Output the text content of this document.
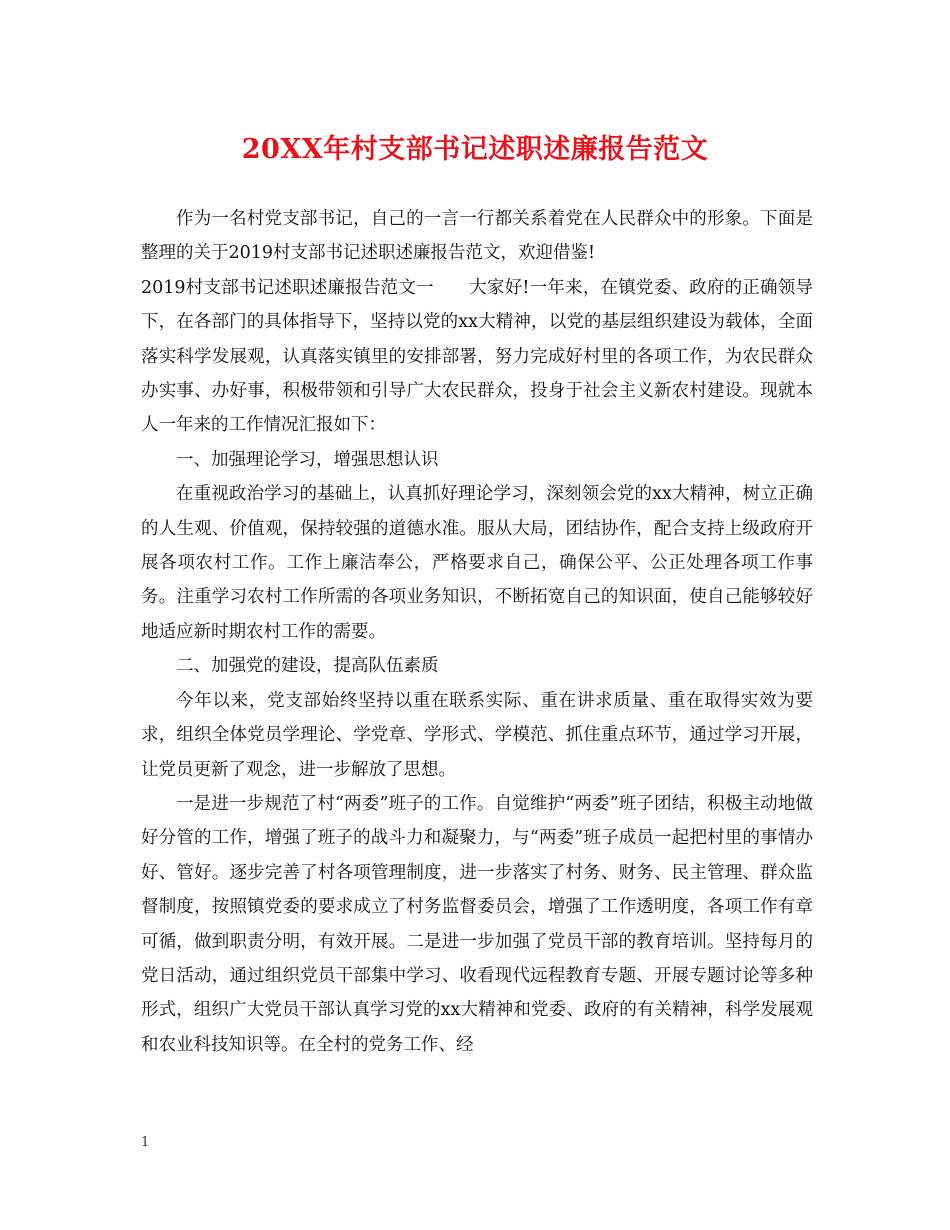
20XX年村支部书记述职述廉报告范文

作为一名村党支部书记，自己的一言一行都关系着党在人民群众中的形象。下面是整理的关于2019村支部书记述职述廉报告范文，欢迎借鉴!

2019村支部书记述职述廉报告范文一　　大家好!一年来，在镇党委、政府的正确领导下，在各部门的具体指导下，坚持以党的xx大精神，以党的基层组织建设为载体，全面落实科学发展观，认真落实镇里的安排部署，努力完成好村里的各项工作，为农民群众办实事、办好事，积极带领和引导广大农民群众，投身于社会主义新农村建设。现就本人一年来的工作情况汇报如下：

一、加强理论学习，增强思想认识

在重视政治学习的基础上，认真抓好理论学习，深刻领会党的xx大精神，树立正确的人生观、价值观，保持较强的道德水准。服从大局，团结协作，配合支持上级政府开展各项农村工作。工作上廉洁奉公，严格要求自己，确保公平、公正处理各项工作事务。注重学习农村工作所需的各项业务知识，不断拓宽自己的知识面，使自己能够较好地适应新时期农村工作的需要。

二、加强党的建设，提高队伍素质

今年以来，党支部始终坚持以重在联系实际、重在讲求质量、重在取得实效为要求，组织全体党员学理论、学党章、学形式、学模范、抓住重点环节，通过学习开展，让党员更新了观念，进一步解放了思想。

一是进一步规范了村“两委”班子的工作。自觉维护“两委”班子团结，积极主动地做好分管的工作，增强了班子的战斗力和凝聚力，与“两委”班子成员一起把村里的事情办好、管好。逐步完善了村各项管理制度，进一步落实了村务、财务、民主管理、群众监督制度，按照镇党委的要求成立了村务监督委员会，增强了工作透明度，各项工作有章可循，做到职责分明，有效开展。二是进一步加强了党员干部的教育培训。坚持每月的党日活动，通过组织党员干部集中学习、收看现代远程教育专题、开展专题讨论等多种形式，组织广大党员干部认真学习党的xx大精神和党委、政府的有关精神，科学发展观和农业科技知识等。在全村的党务工作、经

1
